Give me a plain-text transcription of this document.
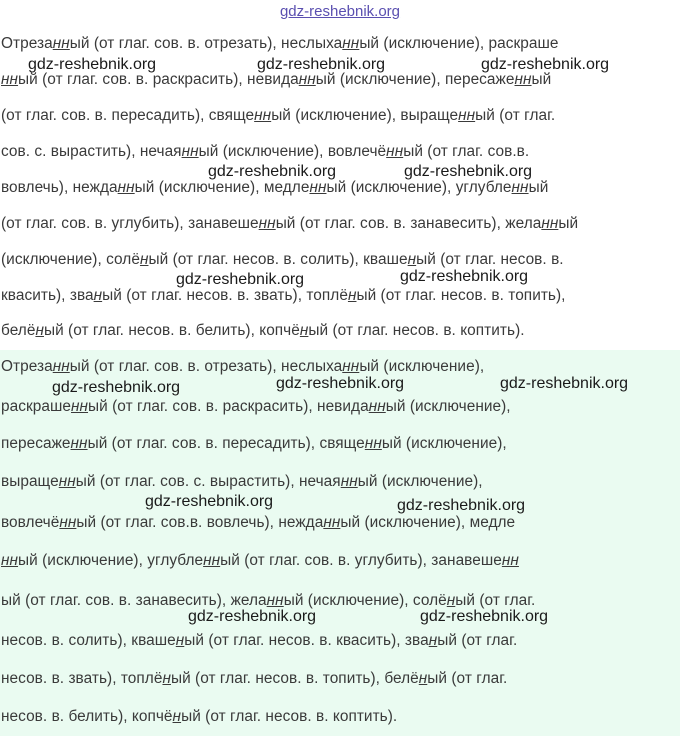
gdz-reshebnik.org
gdz-reshebnik.org	gdz-reshebnik.org	gdz-reshebnik.org
gdz-reshebnik.org	gdz-reshebnik.org
gdz-reshebnik.org	gdz-reshebnik.org
gdz-reshebnik.org	gdz-reshebnik.org	gdz-reshebnik.org
gdz-reshebnik.org	gdz-reshebnik.org
gdz-reshebnik.org	gdz-reshebnik.org
Отрезанный (от глаг. сов. в. отрезать), неслыханный (исключение), раскраше
нный (от глаг. сов. в. раскрасить), невиданный (исключение), пересаженный
(от глаг. сов. в. пересадить), священный (исключение), выращенный (от глаг.
сов. с. вырастить), нечаянный (исключение), вовлечённый (от глаг. сов.в.
вовлечь), нежданный (исключение), медленный (исключение), углубленный
(от глаг. сов. в. углубить), занавешенный (от глаг. сов. в. занавесить), желанный
(исключение), солёный (от глаг. несов. в. солить), квашеный (от глаг. несов. в.
квасить), званый (от глаг. несов. в. звать), топлёный (от глаг. несов. в. топить),
белёный (от глаг. несов. в. белить), копчёный (от глаг. несов. в. коптить).
Отрезанный (от глаг. сов. в. отрезать), неслыханный (исключение),
раскрашенный (от глаг. сов. в. раскрасить), невиданный (исключение),
пересаженный (от глаг. сов. в. пересадить), священный (исключение),
выращенный (от глаг. сов. с. вырастить), нечаянный (исключение),
вовлечённый (от глаг. сов.в. вовлечь), нежданный (исключение), медле
нный (исключение), углубленный (от глаг. сов. в. углубить), занавешенн
ый (от глаг. сов. в. занавесить), желанный (исключение), солёный (от глаг.
несов. в. солить), квашеный (от глаг. несов. в. квасить), званый (от глаг.
несов. в. звать), топлёный (от глаг. несов. в. топить), белёный (от глаг.
несов. в. белить), копчёный (от глаг. несов. в. коптить).
